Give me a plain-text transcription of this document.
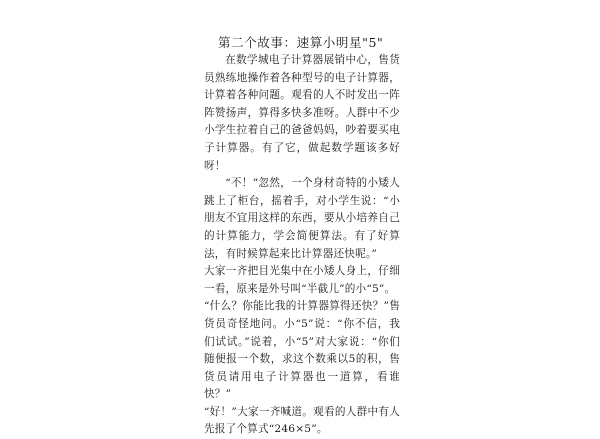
第二个故事：速算小明星"5"

在数学城电子计算器展销中心，售货员熟练地操作着各种型号的电子计算器，计算着各种问题。观看的人不时发出一阵阵赞扬声，算得多快多准呀。人群中不少小学生拉着自己的爸爸妈妈，吵着要买电子计算器。有了它，做起数学题该多好呀！

“不！”忽然，一个身材奇特的小矮人跳上了柜台，摇着手，对小学生说：“小朋友不宜用这样的东西，要从小培养自己的计算能力，学会简便算法。有了好算法，有时候算起来比计算器还快呢。”

大家一齐把目光集中在小矮人身上，仔细一看，原来是外号叫“半截儿”的小“5”。

“什么？你能比我的计算器算得还快？”售货员奇怪地问。小“5”说：“你不信，我们试试。”说着，小“5”对大家说：“你们随便报一个数，求这个数乘以5的积，售货员请用电子计算器也一道算，看谁快？”

“好！”大家一齐喊道。观看的人群中有人先报了个算式“246×5”。
